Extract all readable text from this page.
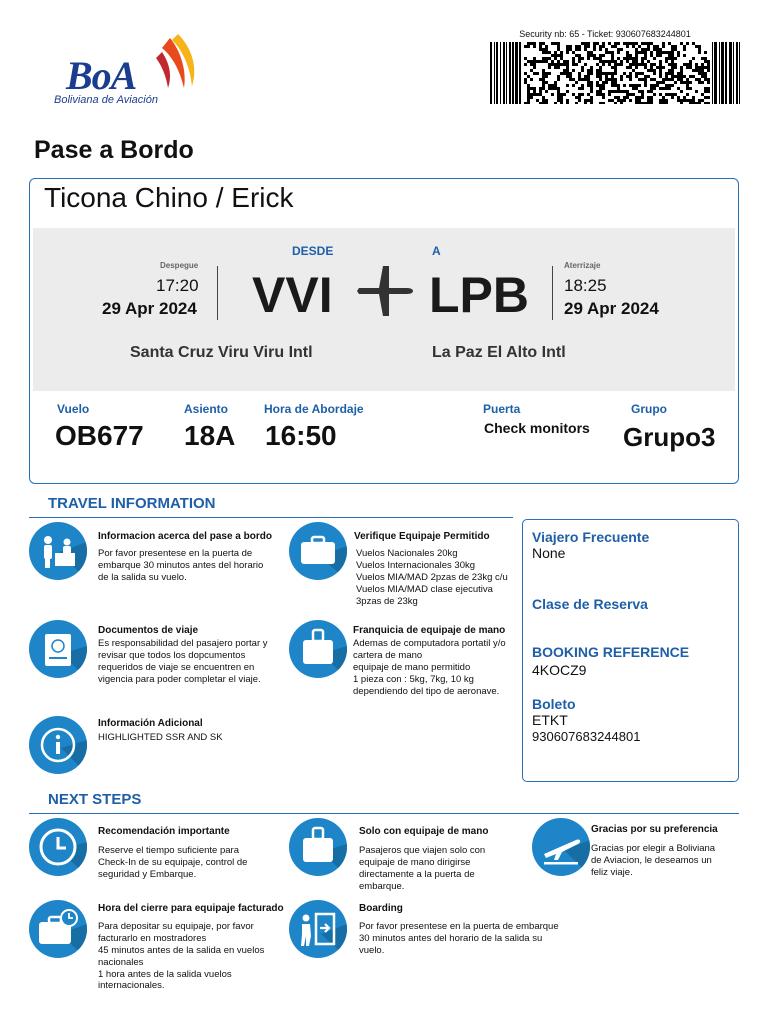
BoA
Boliviana de Aviación
Security nb: 65 - Ticket: 930607683244801
Pase a Bordo
Ticona Chino / Erick
DESDE	A
Despegue
17:20
29 Apr 2024 VVI LPB
Aterrizaje
18:25
29 Apr 2024
Santa Cruz Viru Viru Intl	La Paz El Alto Intl
Vuelo
OB677
Asiento
18A
Hora de Abordaje
16:50
Puerta
Check monitors
Grupo
Grupo3
TRAVEL INFORMATION
Informacion acerca del pase a bordo
Por favor presentese en la puerta de
embarque 30 minutos antes del horario
de la salida su vuelo.
Verifique Equipaje Permitido
Vuelos Nacionales 20kg
Vuelos Internacionales 30kg
Vuelos MIA/MAD 2pzas de 23kg c/u
Vuelos MIA/MAD clase ejecutiva
3pzas de 23kg
Documentos de viaje
Es responsabilidad del pasajero portar y
revisar que todos los dopcumentos
requeridos de viaje se encuentren en
vigencia para poder completar el viaje.
Franquicia de equipaje de mano
Ademas de computadora portatil y/o
cartera de mano
equipaje de mano permitido
1 pieza con : 5kg, 7kg, 10 kg
dependiendo del tipo de aeronave.
Información Adicional
HIGHLIGHTED SSR AND SK
Viajero Frecuente
None
Clase de Reserva
BOOKING REFERENCE
4KOCZ9
Boleto
ETKT
930607683244801
NEXT STEPS
Recomendación importante
Reserve el tiempo suficiente para
Check-In de su equipaje, control de
seguridad y Embarque.
Solo con equipaje de mano
Pasajeros que viajen solo con
equipaje de mano dirigirse
directamente a la puerta de
embarque.
Gracias por su preferencia
Gracias por elegir a Boliviana
de Aviacion, le deseamos un
feliz viaje.
Hora del cierre para equipaje facturado
Para depositar su equipaje, por favor
facturarlo en mostradores
45 minutos antes de la salida en vuelos
nacionales
1 hora antes de la salida vuelos
internacionales.
Boarding
Por favor presentese en la puerta de embarque
30 minutos antes del horario de la salida su
vuelo.
